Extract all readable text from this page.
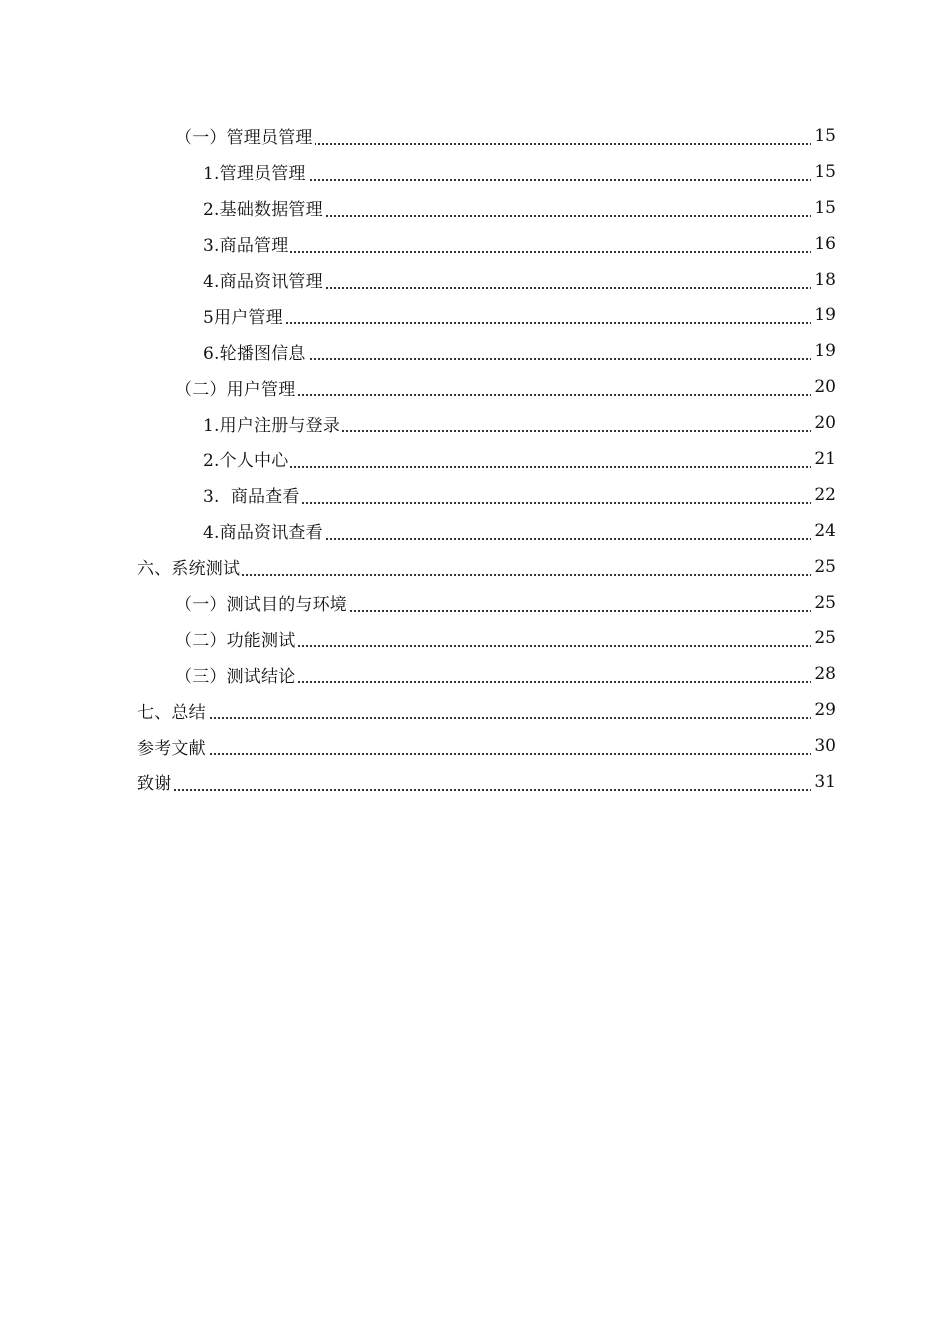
（一）管理员管理	15
1.管理员管理	15
2.基础数据管理	15
3.商品管理	16
4.商品资讯管理	18
5用户管理	19
6.轮播图信息	19
（二）用户管理	20
1.用户注册与登录	20
2.个人中心	21
3.  商品查看	22
4.商品资讯查看	24
六、系统测试	25
（一）测试目的与环境	25
（二）功能测试	25
（三）测试结论	28
七、总结	29
参考文献	30
致谢	31
